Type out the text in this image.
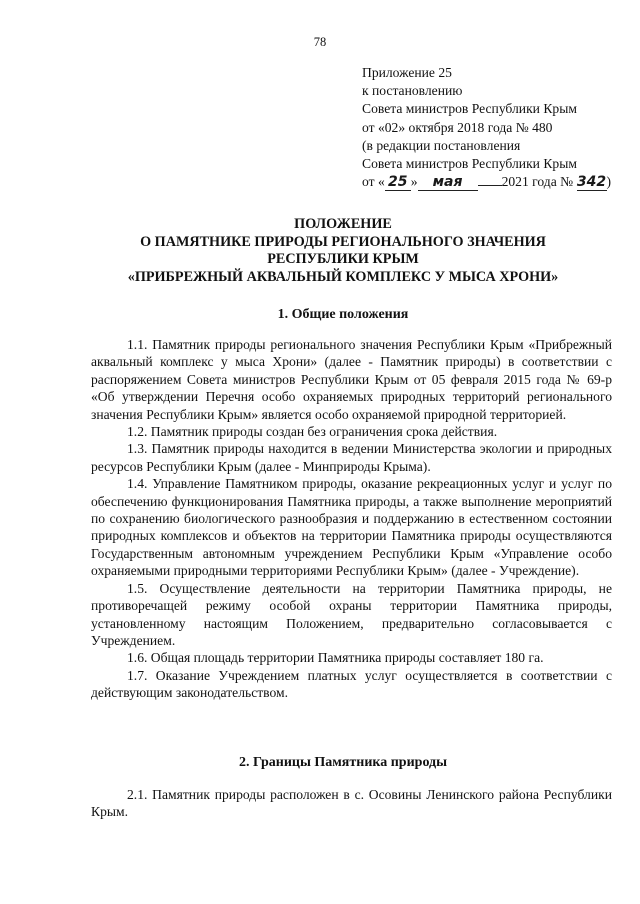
78
Приложение 25
к постановлению
Совета министров Республики Крым
от «02» октября 2018 года № 480
(в редакции постановления
Совета министров Республики Крым
от « 25 » мая	2021 года № 342)
ПОЛОЖЕНИЕ
О ПАМЯТНИКЕ ПРИРОДЫ РЕГИОНАЛЬНОГО ЗНАЧЕНИЯ
РЕСПУБЛИКИ КРЫМ
«ПРИБРЕЖНЫЙ АКВАЛЬНЫЙ КОМПЛЕКС У МЫСА ХРОНИ»
1. Общие положения

1.1. Памятник природы регионального значения Республики Крым «Прибрежный аквальный комплекс у мыса Хрони» (далее - Памятник природы) в соответствии с распоряжением Совета министров Республики Крым от 05 февраля 2015 года № 69-р «Об утверждении Перечня особо охраняемых природных территорий регионального значения Республики Крым» является особо охраняемой природной территорией.

1.2. Памятник природы создан без ограничения срока действия.

1.3. Памятник природы находится в ведении Министерства экологии и природных ресурсов Республики Крым (далее - Минприроды Крыма).

1.4. Управление Памятником природы, оказание рекреационных услуг и услуг по обеспечению функционирования Памятника природы, а также выполнение мероприятий по сохранению биологического разнообразия и поддержанию в естественном состоянии природных комплексов и объектов на территории Памятника природы осуществляются Государственным автономным учреждением Республики Крым «Управление особо охраняемыми природными территориями Республики Крым» (далее - Учреждение).

1.5. Осуществление деятельности на территории Памятника природы, не противоречащей режиму особой охраны территории Памятника природы, установленному настоящим Положением, предварительно согласовывается с Учреждением.

1.6. Общая площадь территории Памятника природы составляет 180 га.

1.7. Оказание Учреждением платных услуг осуществляется в соответствии с действующим законодательством.

2. Границы Памятника природы

2.1. Памятник природы расположен в с. Осовины Ленинского района Республики Крым.
